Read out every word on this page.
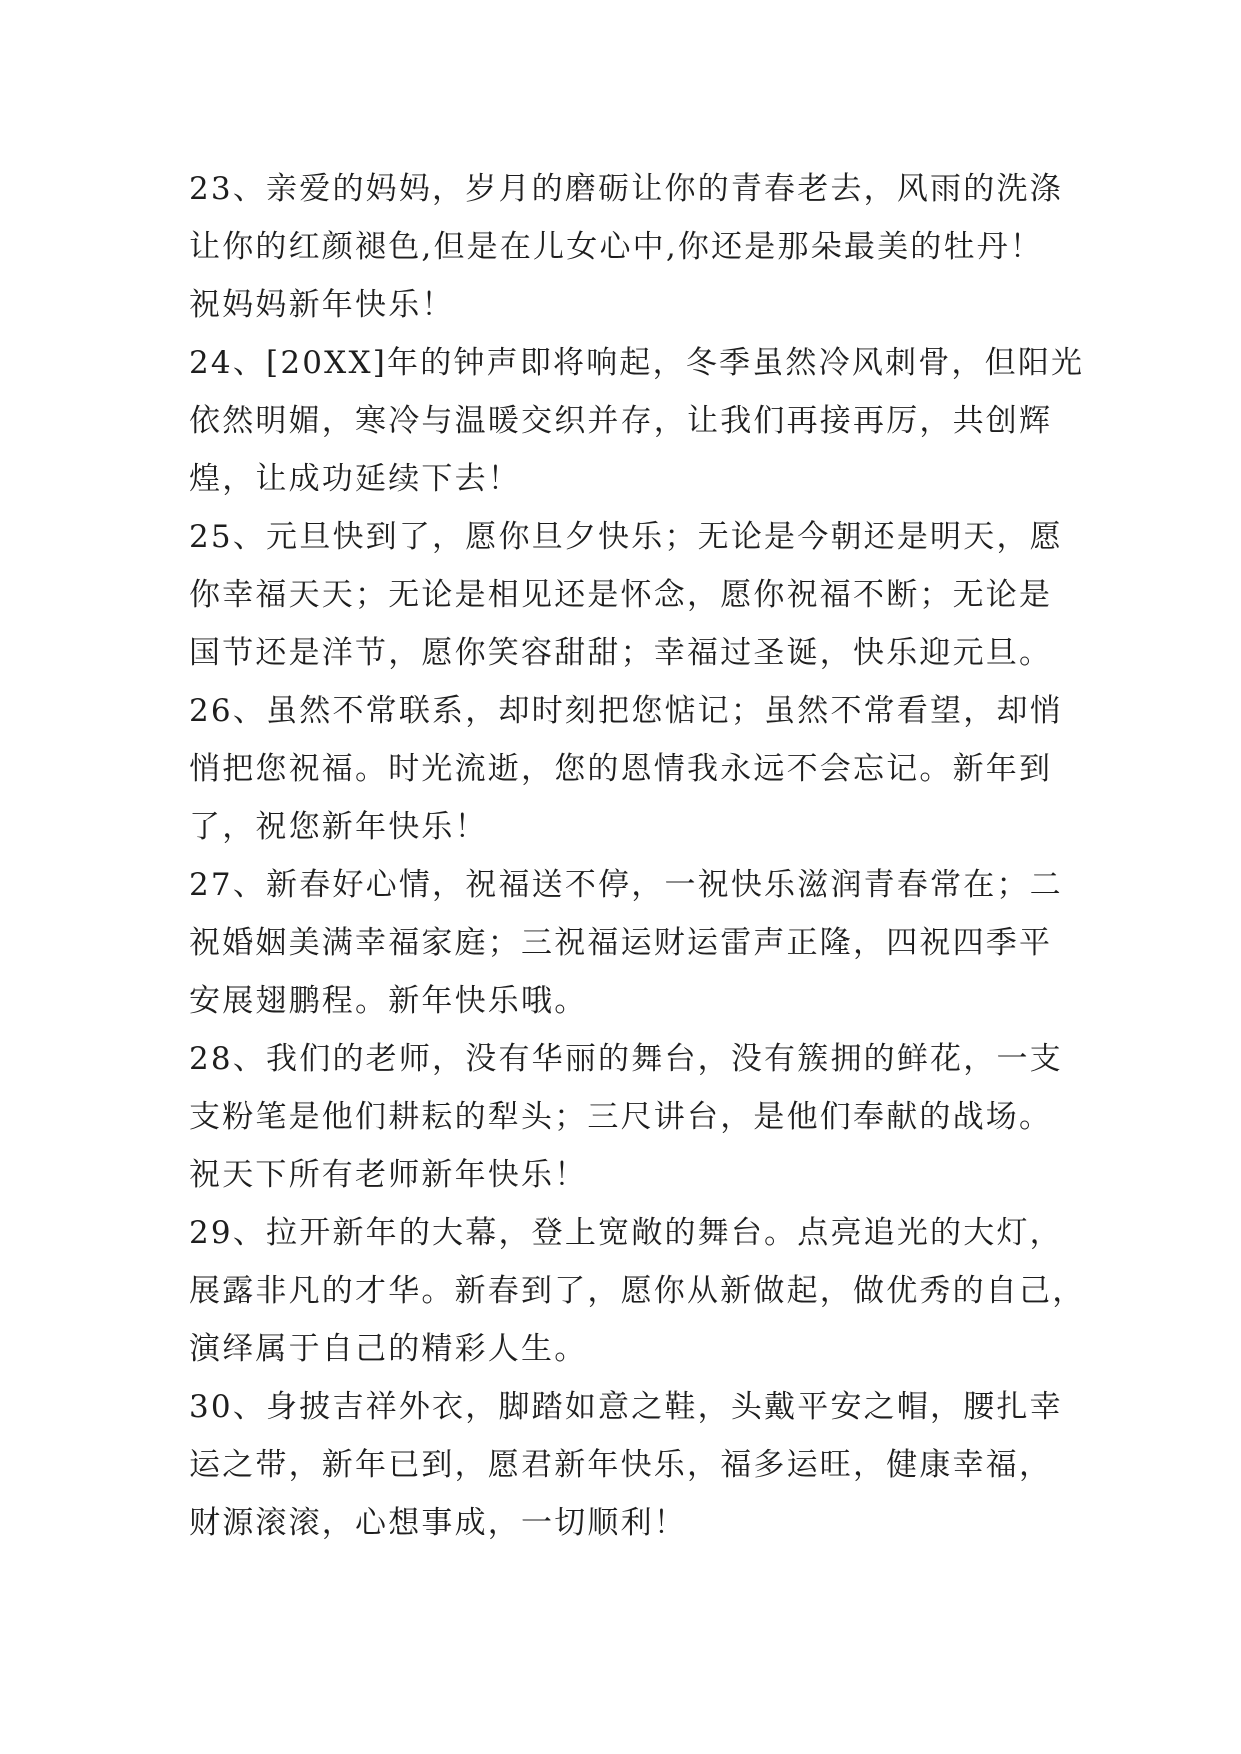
23、亲爱的妈妈，岁月的磨砺让你的青春老去，风雨的洗涤
让你的红颜褪色,但是在儿女心中,你还是那朵最美的牡丹！
祝妈妈新年快乐！
24、[20XX]年的钟声即将响起，冬季虽然冷风刺骨，但阳光
依然明媚，寒冷与温暖交织并存，让我们再接再厉，共创辉
煌，让成功延续下去！
25、元旦快到了，愿你旦夕快乐；无论是今朝还是明天，愿
你幸福天天；无论是相见还是怀念，愿你祝福不断；无论是
国节还是洋节，愿你笑容甜甜；幸福过圣诞，快乐迎元旦。
26、虽然不常联系，却时刻把您惦记；虽然不常看望，却悄
悄把您祝福。时光流逝，您的恩情我永远不会忘记。新年到
了，祝您新年快乐！
27、新春好心情，祝福送不停，一祝快乐滋润青春常在；二
祝婚姻美满幸福家庭；三祝福运财运雷声正隆，四祝四季平
安展翅鹏程。新年快乐哦。
28、我们的老师，没有华丽的舞台，没有簇拥的鲜花，一支
支粉笔是他们耕耘的犁头；三尺讲台，是他们奉献的战场。
祝天下所有老师新年快乐！
29、拉开新年的大幕，登上宽敞的舞台。点亮追光的大灯，
展露非凡的才华。新春到了，愿你从新做起，做优秀的自己，
演绎属于自己的精彩人生。
30、身披吉祥外衣，脚踏如意之鞋，头戴平安之帽，腰扎幸
运之带，新年已到，愿君新年快乐，福多运旺，健康幸福，
财源滚滚，心想事成，一切顺利！
